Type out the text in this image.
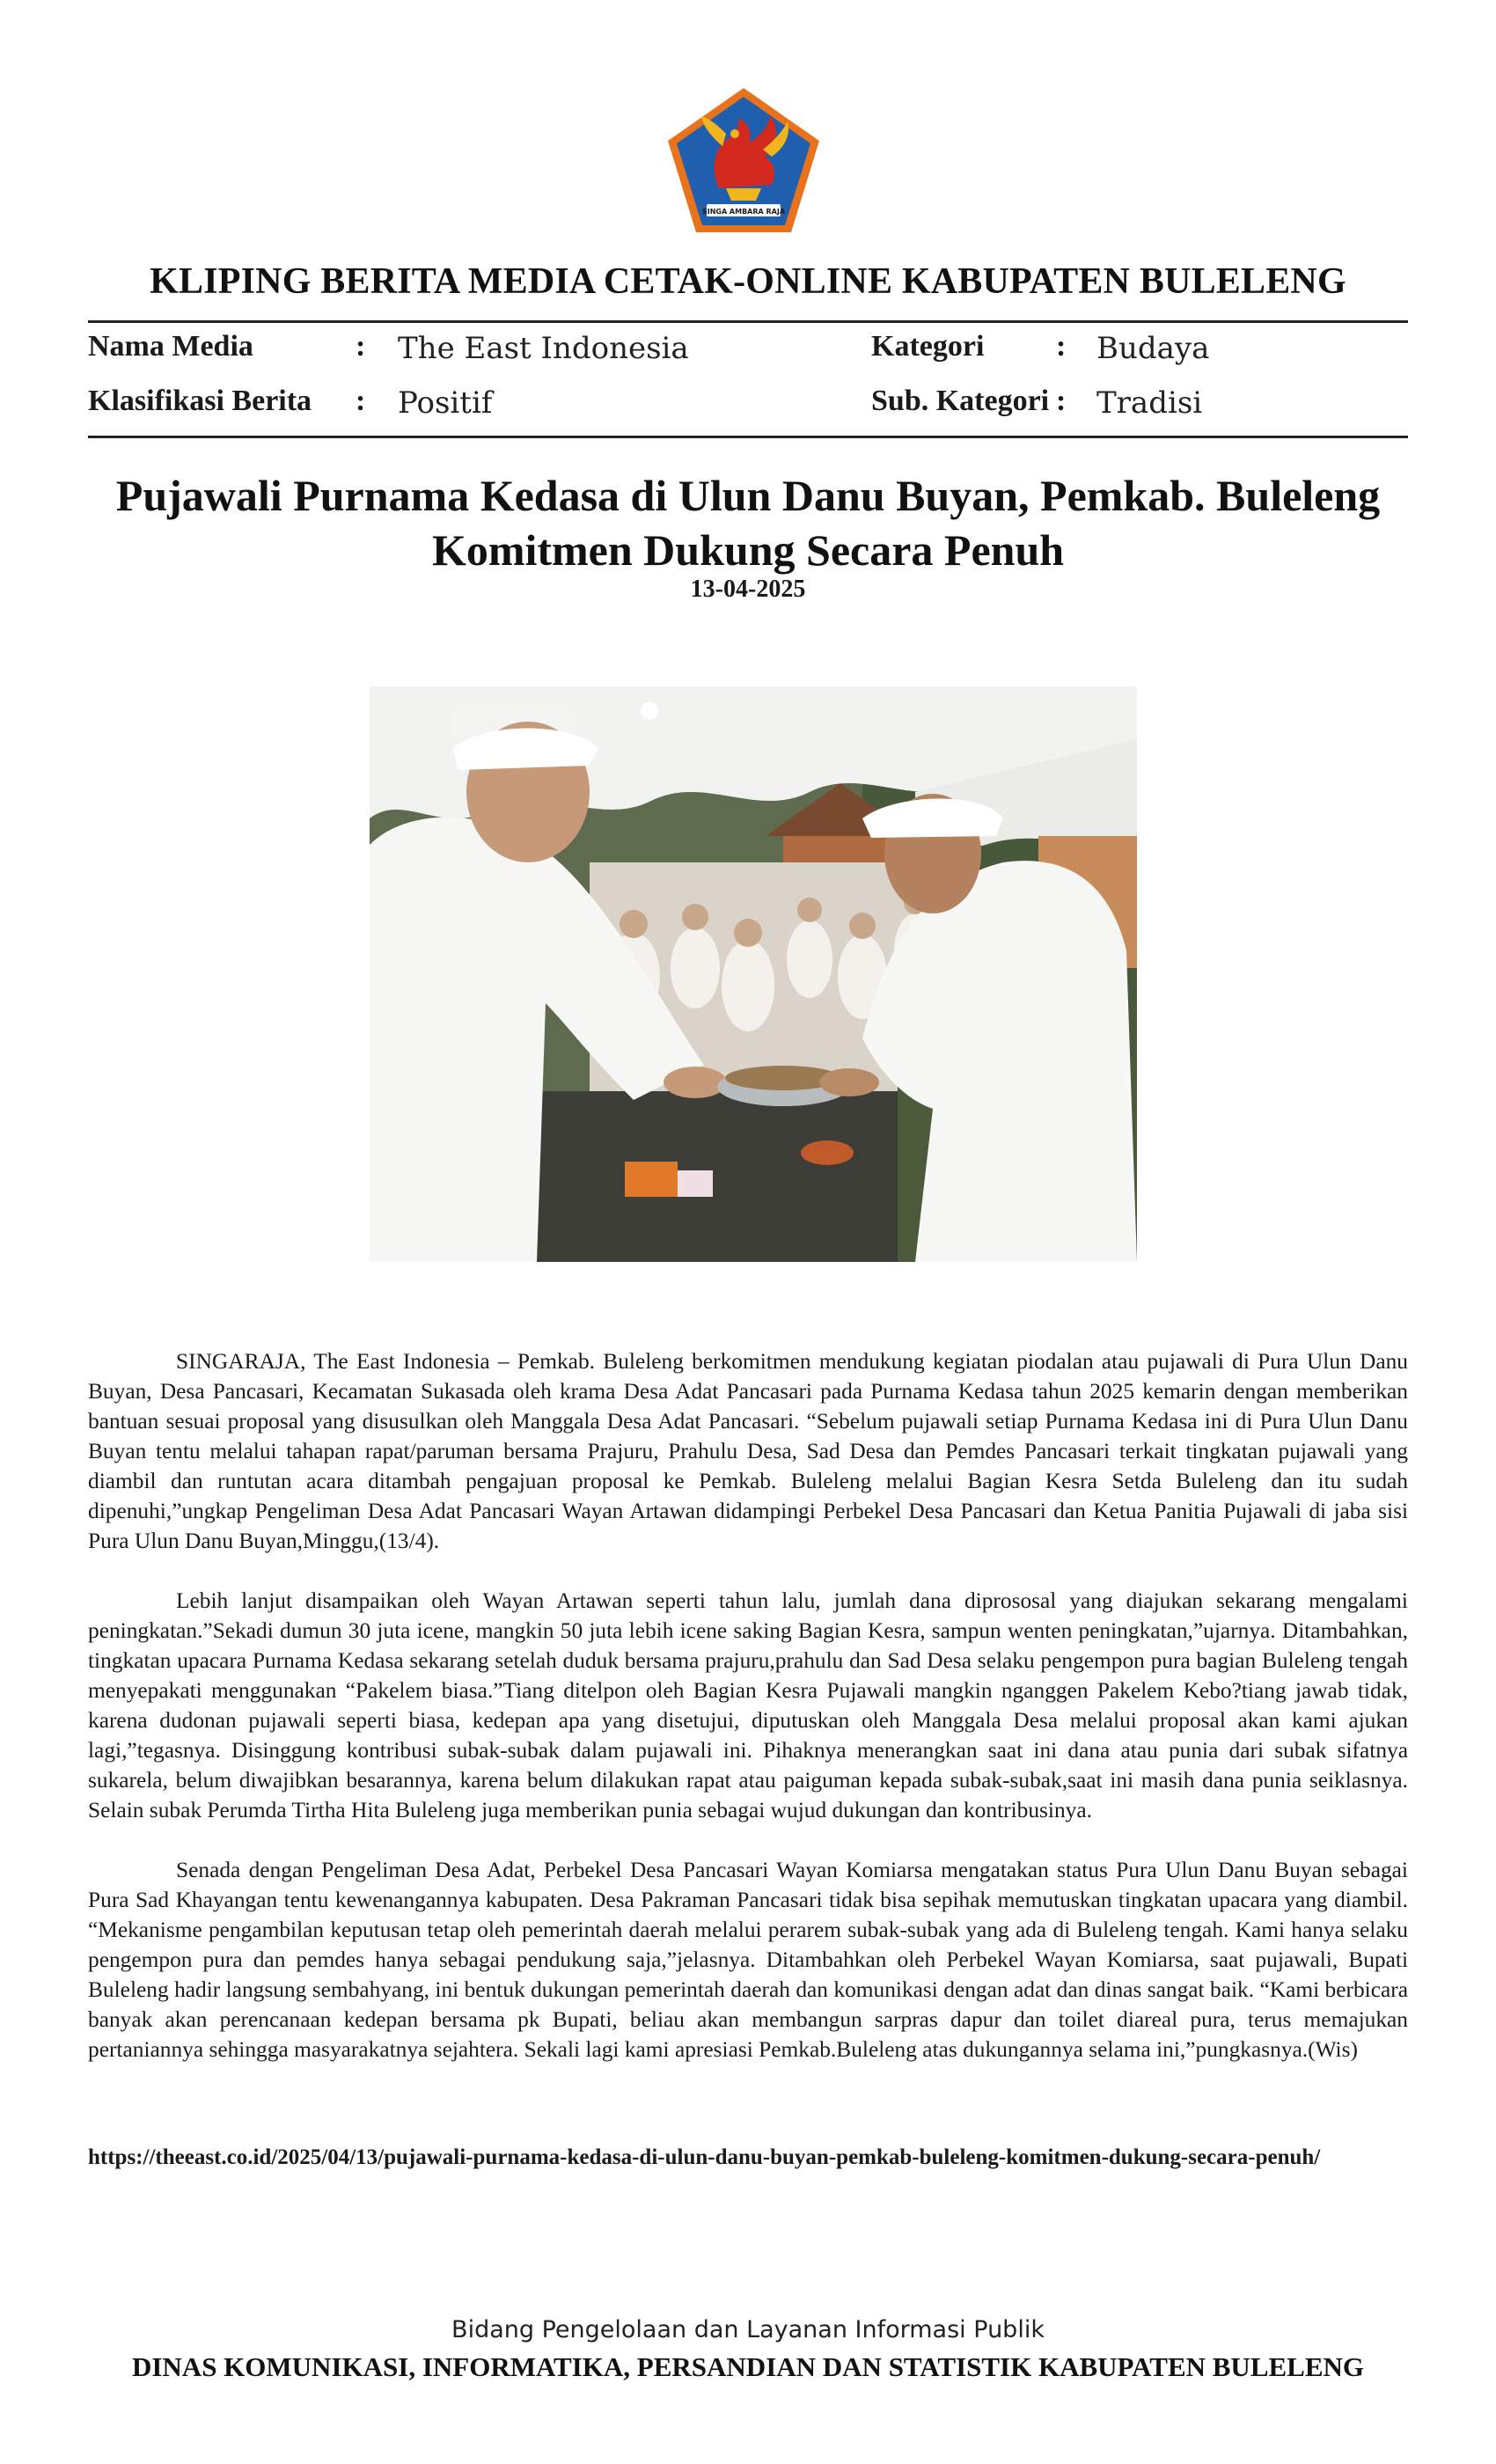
SINGA AMBARA RAJA
KLIPING BERITA MEDIA CETAK-ONLINE KABUPATEN BULELENG
Nama Media	: The East Indonesia	Kategori : Budaya
Klasifikasi Berita : Positif	Sub. Kategori : Tradisi
Pujawali Purnama Kedasa di Ulun Danu Buyan, Pemkab. Buleleng
Komitmen Dukung Secara Penuh
13-04-2025

SINGARAJA, The East Indonesia – Pemkab. Buleleng berkomitmen mendukung kegiatan piodalan atau pujawali di Pura Ulun Danu Buyan, Desa Pancasari, Kecamatan Sukasada oleh krama Desa Adat Pancasari pada Purnama Kedasa tahun 2025 kemarin dengan memberikan bantuan sesuai proposal yang disusulkan oleh Manggala Desa Adat Pancasari. “Sebelum pujawali setiap Purnama Kedasa ini di Pura Ulun Danu Buyan tentu melalui tahapan rapat/paruman bersama Prajuru, Prahulu Desa, Sad Desa dan Pemdes Pancasari terkait tingkatan pujawali yang diambil dan runtutan acara ditambah pengajuan proposal ke Pemkab. Buleleng melalui Bagian Kesra Setda Buleleng dan itu sudah dipenuhi,”ungkap Pengeliman Desa Adat Pancasari Wayan Artawan didampingi Perbekel Desa Pancasari dan Ketua Panitia Pujawali di jaba sisi Pura Ulun Danu Buyan,Minggu,(13/4).

Lebih lanjut disampaikan oleh Wayan Artawan seperti tahun lalu, jumlah dana diprososal yang diajukan sekarang mengalami peningkatan.”Sekadi dumun 30 juta icene, mangkin 50 juta lebih icene saking Bagian Kesra, sampun wenten peningkatan,”ujarnya. Ditambahkan, tingkatan upacara Purnama Kedasa sekarang setelah duduk bersama prajuru,prahulu dan Sad Desa selaku pengempon pura bagian Buleleng tengah menyepakati menggunakan “Pakelem biasa.”Tiang ditelpon oleh Bagian Kesra Pujawali mangkin nganggen Pakelem Kebo?tiang jawab tidak, karena dudonan pujawali seperti biasa, kedepan apa yang disetujui, diputuskan oleh Manggala Desa melalui proposal akan kami ajukan lagi,”tegasnya. Disinggung kontribusi subak-subak dalam pujawali ini. Pihaknya menerangkan saat ini dana atau punia dari subak sifatnya sukarela, belum diwajibkan besarannya, karena belum dilakukan rapat atau paiguman kepada subak-subak,saat ini masih dana punia seiklasnya. Selain subak Perumda Tirtha Hita Buleleng juga memberikan punia sebagai wujud dukungan dan kontribusinya.

Senada dengan Pengeliman Desa Adat, Perbekel Desa Pancasari Wayan Komiarsa mengatakan status Pura Ulun Danu Buyan sebagai Pura Sad Khayangan tentu kewenangannya kabupaten. Desa Pakraman Pancasari tidak bisa sepihak memutuskan tingkatan upacara yang diambil. “Mekanisme pengambilan keputusan tetap oleh pemerintah daerah melalui perarem subak-subak yang ada di Buleleng tengah. Kami hanya selaku pengempon pura dan pemdes hanya sebagai pendukung saja,”jelasnya. Ditambahkan oleh Perbekel Wayan Komiarsa, saat pujawali, Bupati Buleleng hadir langsung sembahyang, ini bentuk dukungan pemerintah daerah dan komunikasi dengan adat dan dinas sangat baik. “Kami berbicara banyak akan perencanaan kedepan bersama pk Bupati, beliau akan membangun sarpras dapur dan toilet diareal pura, terus memajukan pertaniannya sehingga masyarakatnya sejahtera. Sekali lagi kami apresiasi Pemkab.Buleleng atas dukungannya selama ini,”pungkasnya.(Wis)

https://theeast.co.id/2025/04/13/pujawali-purnama-kedasa-di-ulun-danu-buyan-pemkab-buleleng-komitmen-dukung-secara-penuh/
Bidang Pengelolaan dan Layanan Informasi Publik
DINAS KOMUNIKASI, INFORMATIKA, PERSANDIAN DAN STATISTIK KABUPATEN BULELENG
